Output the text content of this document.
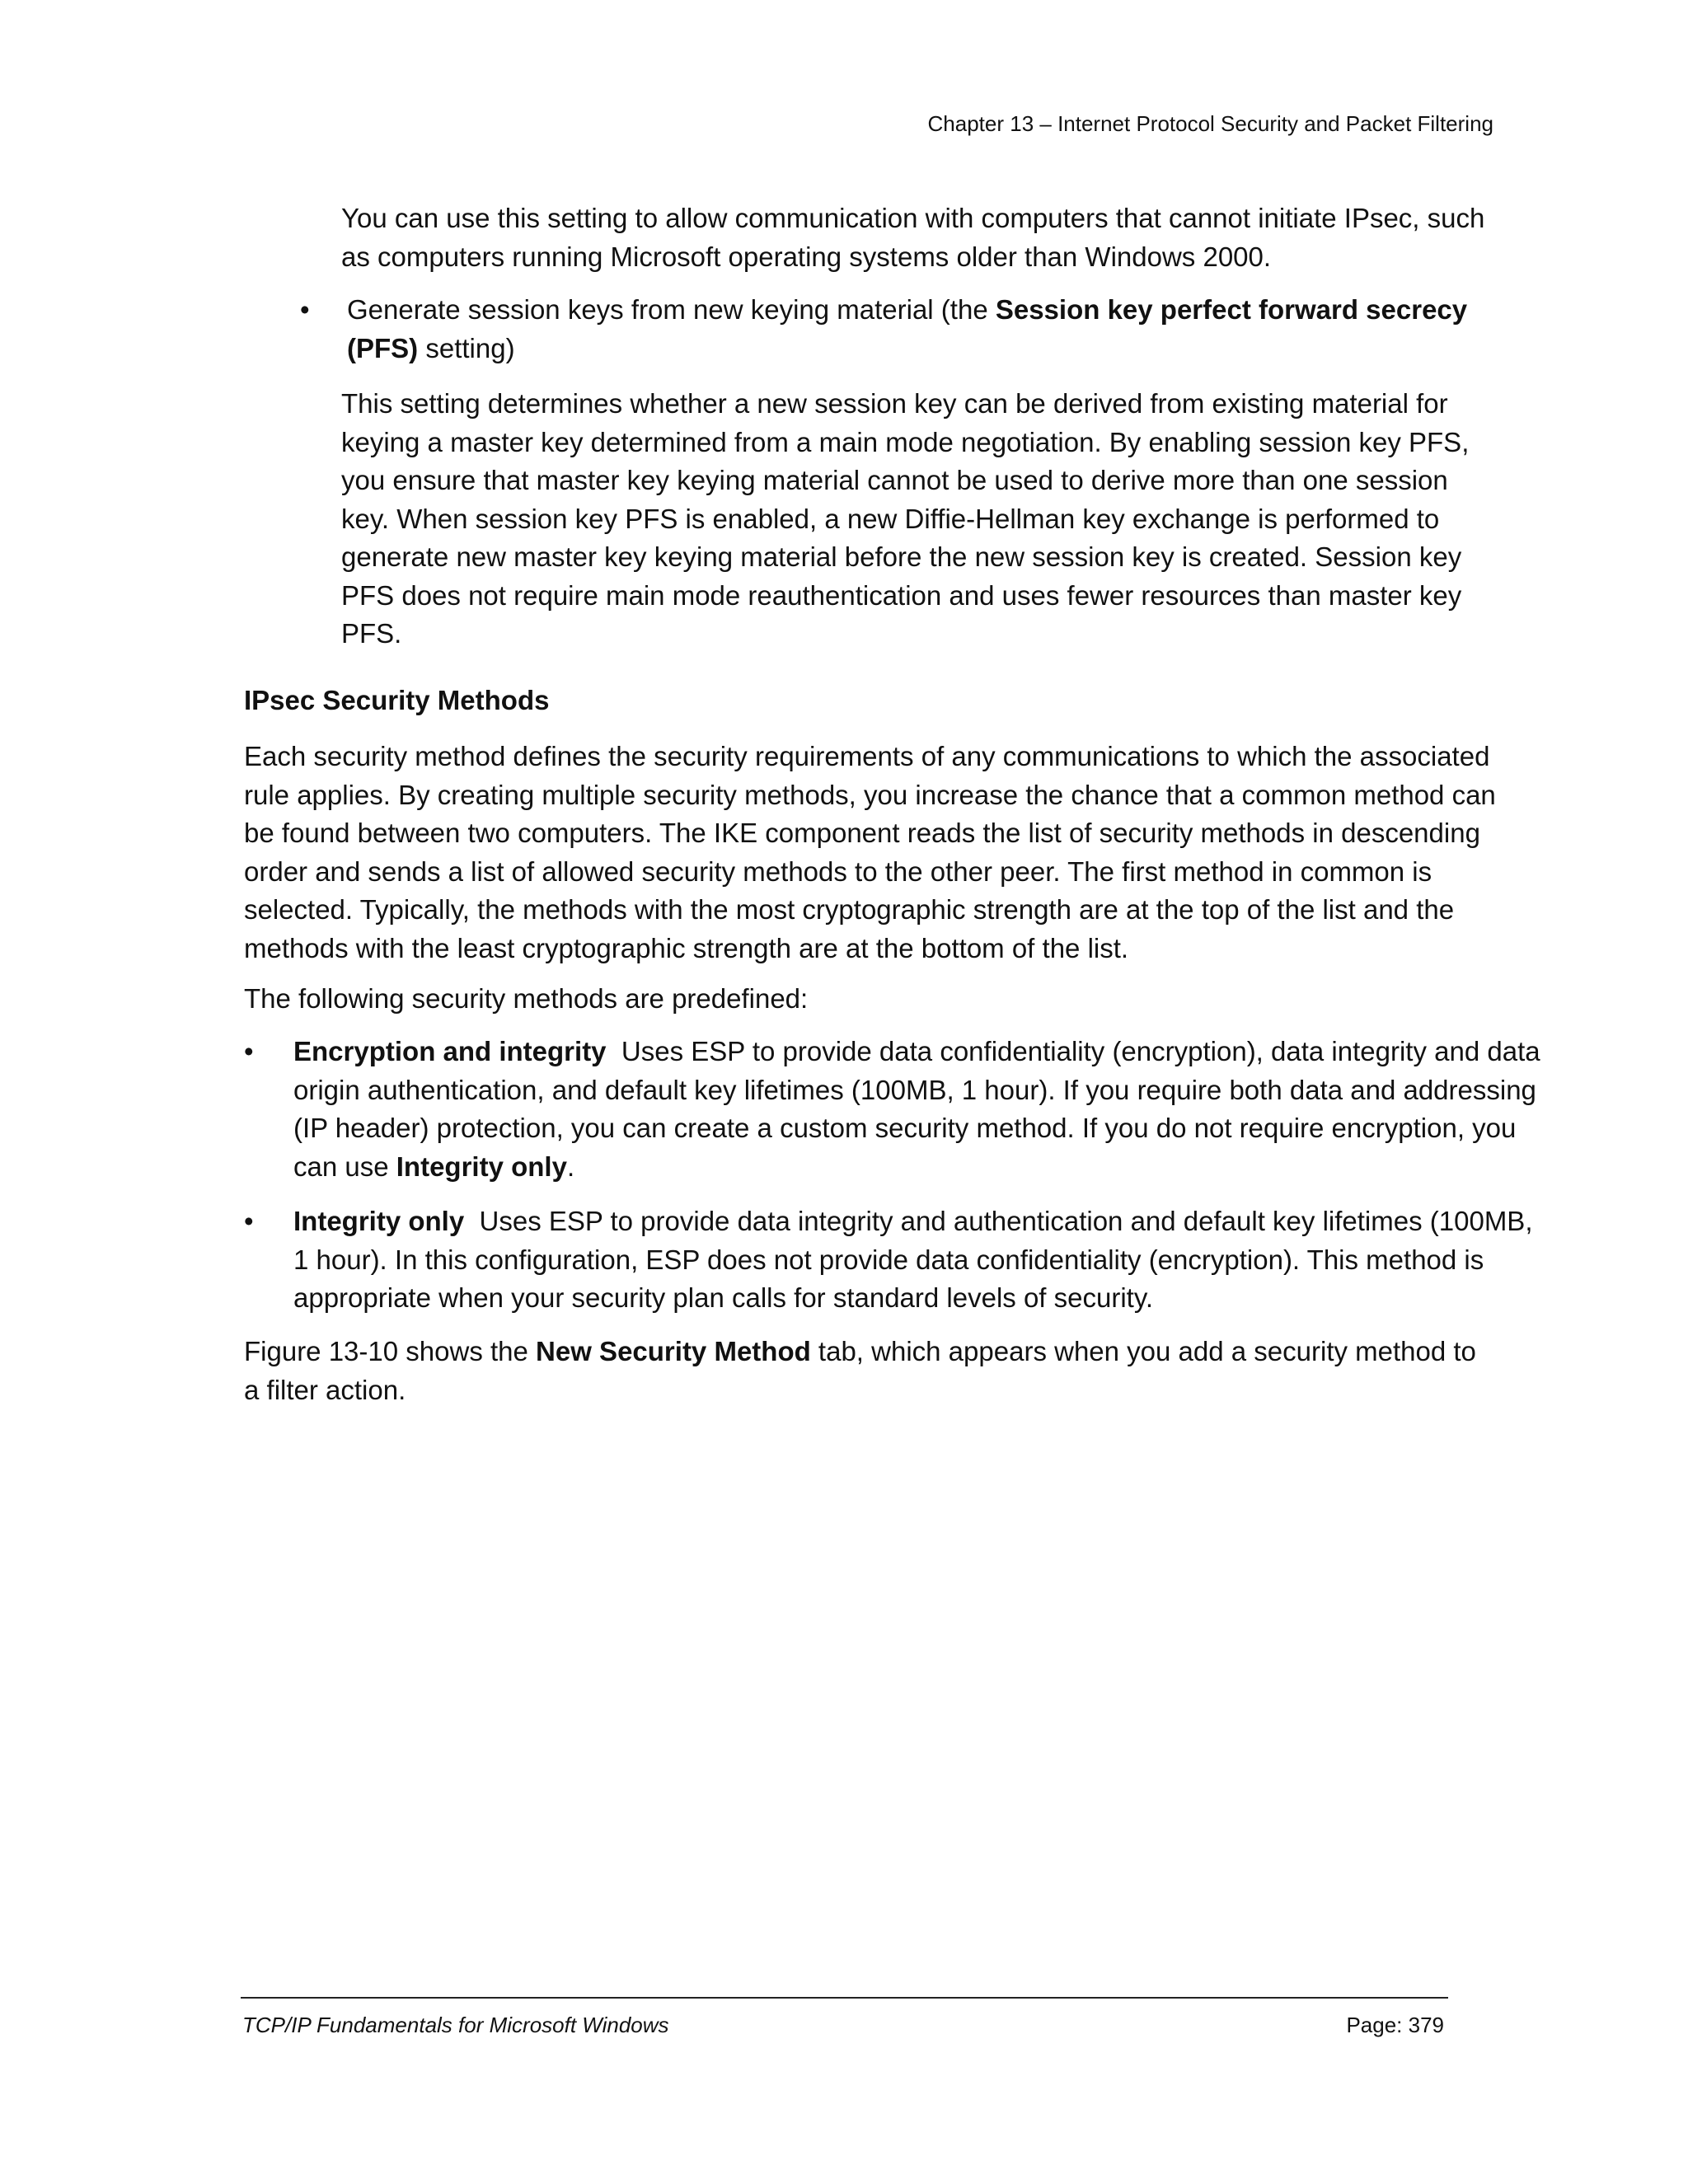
Chapter 13 – Internet Protocol Security and Packet Filtering

You can use this setting to allow communication with computers that cannot initiate IPsec, such as computers running Microsoft operating systems older than Windows 2000.

• Generate session keys from new keying material (the Session key perfect forward secrecy (PFS) setting)

This setting determines whether a new session key can be derived from existing material for keying a master key determined from a main mode negotiation. By enabling session key PFS, you ensure that master key keying material cannot be used to derive more than one session key. When session key PFS is enabled, a new Diffie-Hellman key exchange is performed to generate new master key keying material before the new session key is created. Session key PFS does not require main mode reauthentication and uses fewer resources than master key PFS.

IPsec Security Methods

Each security method defines the security requirements of any communications to which the associated rule applies. By creating multiple security methods, you increase the chance that a common method can be found between two computers. The IKE component reads the list of security methods in descending order and sends a list of allowed security methods to the other peer. The first method in common is selected. Typically, the methods with the most cryptographic strength are at the top of the list and the methods with the least cryptographic strength are at the bottom of the list.

The following security methods are predefined:

• Encryption and integrity  Uses ESP to provide data confidentiality (encryption), data integrity and data origin authentication, and default key lifetimes (100MB, 1 hour). If you require both data and addressing (IP header) protection, you can create a custom security method. If you do not require encryption, you can use Integrity only.
• Integrity only  Uses ESP to provide data integrity and authentication and default key lifetimes (100MB, 1 hour). In this configuration, ESP does not provide data confidentiality (encryption). This method is appropriate when your security plan calls for standard levels of security.
Figure 13-10 shows the New Security Method tab, which appears when you add a security method to a filter action.
TCP/IP Fundamentals for Microsoft Windows	Page: 379
